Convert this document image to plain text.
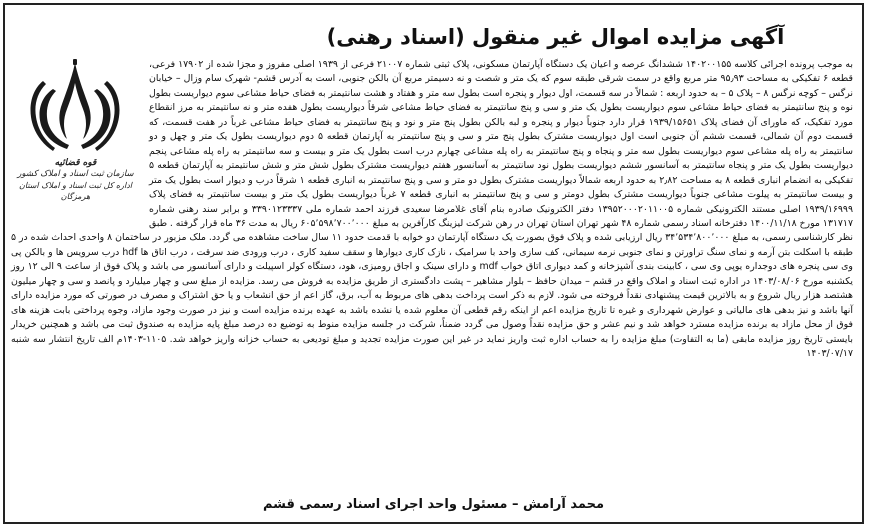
آگهی مزایده اموال غیر منقول (اسناد رهنی)
قوه قضائیه
سازمان ثبت اسناد و املاک کشور
اداره کل ثبت اسناد و املاک استان هرمزگان

به موجب پرونده اجرائی کلاسه ۱۴۰۲۰۰۱۵۵ ششدانگ عرصه و اعیان یک دستگاه آپارتمان مسکونی، پلاک ثبتی شماره ۲۱۰۰۷ فرعی از ۱۹۳۹ اصلی مفروز و مجزا شده از ۱۷۹۰۲ فرعی، قطعه ۶ تفکیکی به مساحت ۹۵٫۹۳ متر مربع واقع در سمت شرقی طبقه سوم که یک متر و شصت و نه دسیمتر مربع آن بالکن جنوبی، است به آدرس قشم- شهرک سام وزال – خیابان نرگس – کوچه نرگس ۸ – پلاک ۵ – به حدود اربعه : شمالاً در سه قسمت، اول دیوار و پنجره است بطول سه متر و هفتاد و هشت سانتیمتر به فضای حیاط مشاعی سوم دیواریست بطول نوه و پنج سانتیمتر به فضای حیاط مشاعی سوم دیواریست بطول یک متر و سی و پنج سانتیمتر به فضای حیاط مشاعی شرقاً دیواریست بطول هفده متر و نه سانتیمتر به مرز انقطاع مورد تفکیک، که ماورای آن فضای پلاک ۱۹۳۹/۱۵۶۵۱ قرار دارد جنوباً دیوار و پنجره و لبه بالکن بطول پنج متر و نود و پنج سانتیمتر به فضای حیاط مشاعی غرباً در هفت قسمت، که قسمت دوم آن شمالی، قسمت ششم آن جنوبی است اول دیواریست مشترک بطول پنج متر و سی و پنج سانتیمتر به آپارتمان قطعه ۵ دوم دیواریست بطول یک متر و چهل و دو سانتیمتر به راه پله مشاعی سوم دیواریست بطول سه متر و پنجاه و پنج سانتیمتر به راه پله مشاعی چهارم درب است بطول یک متر و بیست و سه سانتیمتر به راه پله مشاعی پنجم دیواریست بطول یک متر و پنجاه سانتیمتر به آسانسور ششم دیواریست بطول نود سانتیمتر به آسانسور هفتم دیواریست مشترک بطول شش متر و شش سانتیمتر به آپارتمان قطعه ۵ تفکیکی به انضمام انباری قطعه ۸ به مساحت ۲٫۸۲ به حدود اربعه شمالاً دیواریست مشترک بطول دو متر و سی و پنج سانتیمتر به انباری قطعه ۱ شرقاً درب و دیوار است بطول یک متر و بیست سانتیمتر به پیلوت مشاعی جنوباً دیواریست مشترک بطول دومتر و سی و پنج سانتیمتر به انباری قطعه ۷ غرباً دیواریست بطول یک متر و بیست سانتیمتر به فضای پلاک ۱۹۳۹/۱۶۹۹۹ اصلی مستند الکترونیکی شماره ۱۳۹۵۲۰۰۰۲۰۱۱۰۰۵ دفتر الکترونیک صادره بنام آقای غلامرضا سعیدی فرزند احمد شماره ملی ۳۳۹۰۱۲۳۳۳۷ و برابر سند رهنی شماره ۱۳۱۷۱۷ مورخ ۱۴۰۰/۱۱/۱۸ دفترخانه اسناد رسمی شماره ۴۸ شهر تهران استان تهران در رهن شرکت لیزینگ کارآفرین به مبلغ ۶۰۵٬۵۹۸٬۷۰۰٬۰۰۰ ریال به مدت ۳۶ ماه قرار گرفته . طبق نظر کارشناسی رسمی، به مبلغ ۳۴٬۵۳۴٬۸۰۰٬۰۰۰ ریال ارزیابی شده و پلاک فوق بصورت یک دستگاه آپارتمان دو خوابه با قدمت حدود ۱۱ سال ساخت مشاهده می گردد. ملک مزبور در ساختمان ۸ واحدی احداث شده در ۵ طبقه با اسکلت بتن آرمه و نمای سنگ تراورتن و نمای جنوبی نرمه سیمانی، کف سازی واحد با سرامیک ، نازک کاری دیوارها و سقف سفید کاری ، درب ورودی ضد سرقت ، درب اتاق ها hdf درب سرویس ها و بالکن پی وی سی پنجره های دوجداره یوپی وی سی ، کابینت بندی آشپزخانه و کمد دیواری اتاق خواب mdf و دارای سینک و اجاق رومیزی، هود، دستگاه کولر اسپیلت و دارای آسانسور می باشد و پلاک فوق از ساعت ۹ الی ۱۲ روز یکشنبه مورخ ۱۴۰۳/۰۸/۰۶ در اداره ثبت اسناد و املاک واقع در قشم – میدان حافظ – بلوار مشاهیر – پشت دادگستری از طریق مزایده به فروش می رسد. مزایده از مبلغ سی و چهار میلیارد و پانصد و سی و چهار میلیون هشتصد هزار ریال شروع و به بالاترین قیمت پیشنهادی نقداً فروخته می شود. لازم به ذکر است پرداخت بدهی های مربوط به آب، برق، گاز اعم از حق انشعاب و یا حق اشتراک و مصرف در صورتی که مورد مزایده دارای آنها باشد و نیز بدهی های مالیاتی و عوارض شهرداری و غیره تا تاریخ مزایده اعم از اینکه رقم قطعی آن معلوم شده یا نشده باشد به عهده برنده مزایده است و نیز در صورت وجود مازاد، وجوه پرداختی بابت هزینه های فوق از محل مازاد به برنده مزایده مسترد خواهد شد و نیم عشر و حق مزایده نقداً وصول می گردد ضمناً، شرکت در جلسه مزایده منوط به توضیع ده درصد مبلغ پایه مزایده به صندوق ثبت می باشد و همچنین خریدار بایستی تاریخ روز مزایده مابقی (ما به التفاوت) مبلغ مزایده را به حساب اداره ثبت واریز نماید در غیر این صورت مزایده تجدید و مبلغ تودیعی به حساب خزانه واریز خواهد شد. ۱۱۰۵-۱۴۰۳م الف تاریخ انتشار سه شنبه ۱۴۰۳/۰۷/۱۷

محمد آرامش – مسئول واحد اجرای اسناد رسمی قشم
